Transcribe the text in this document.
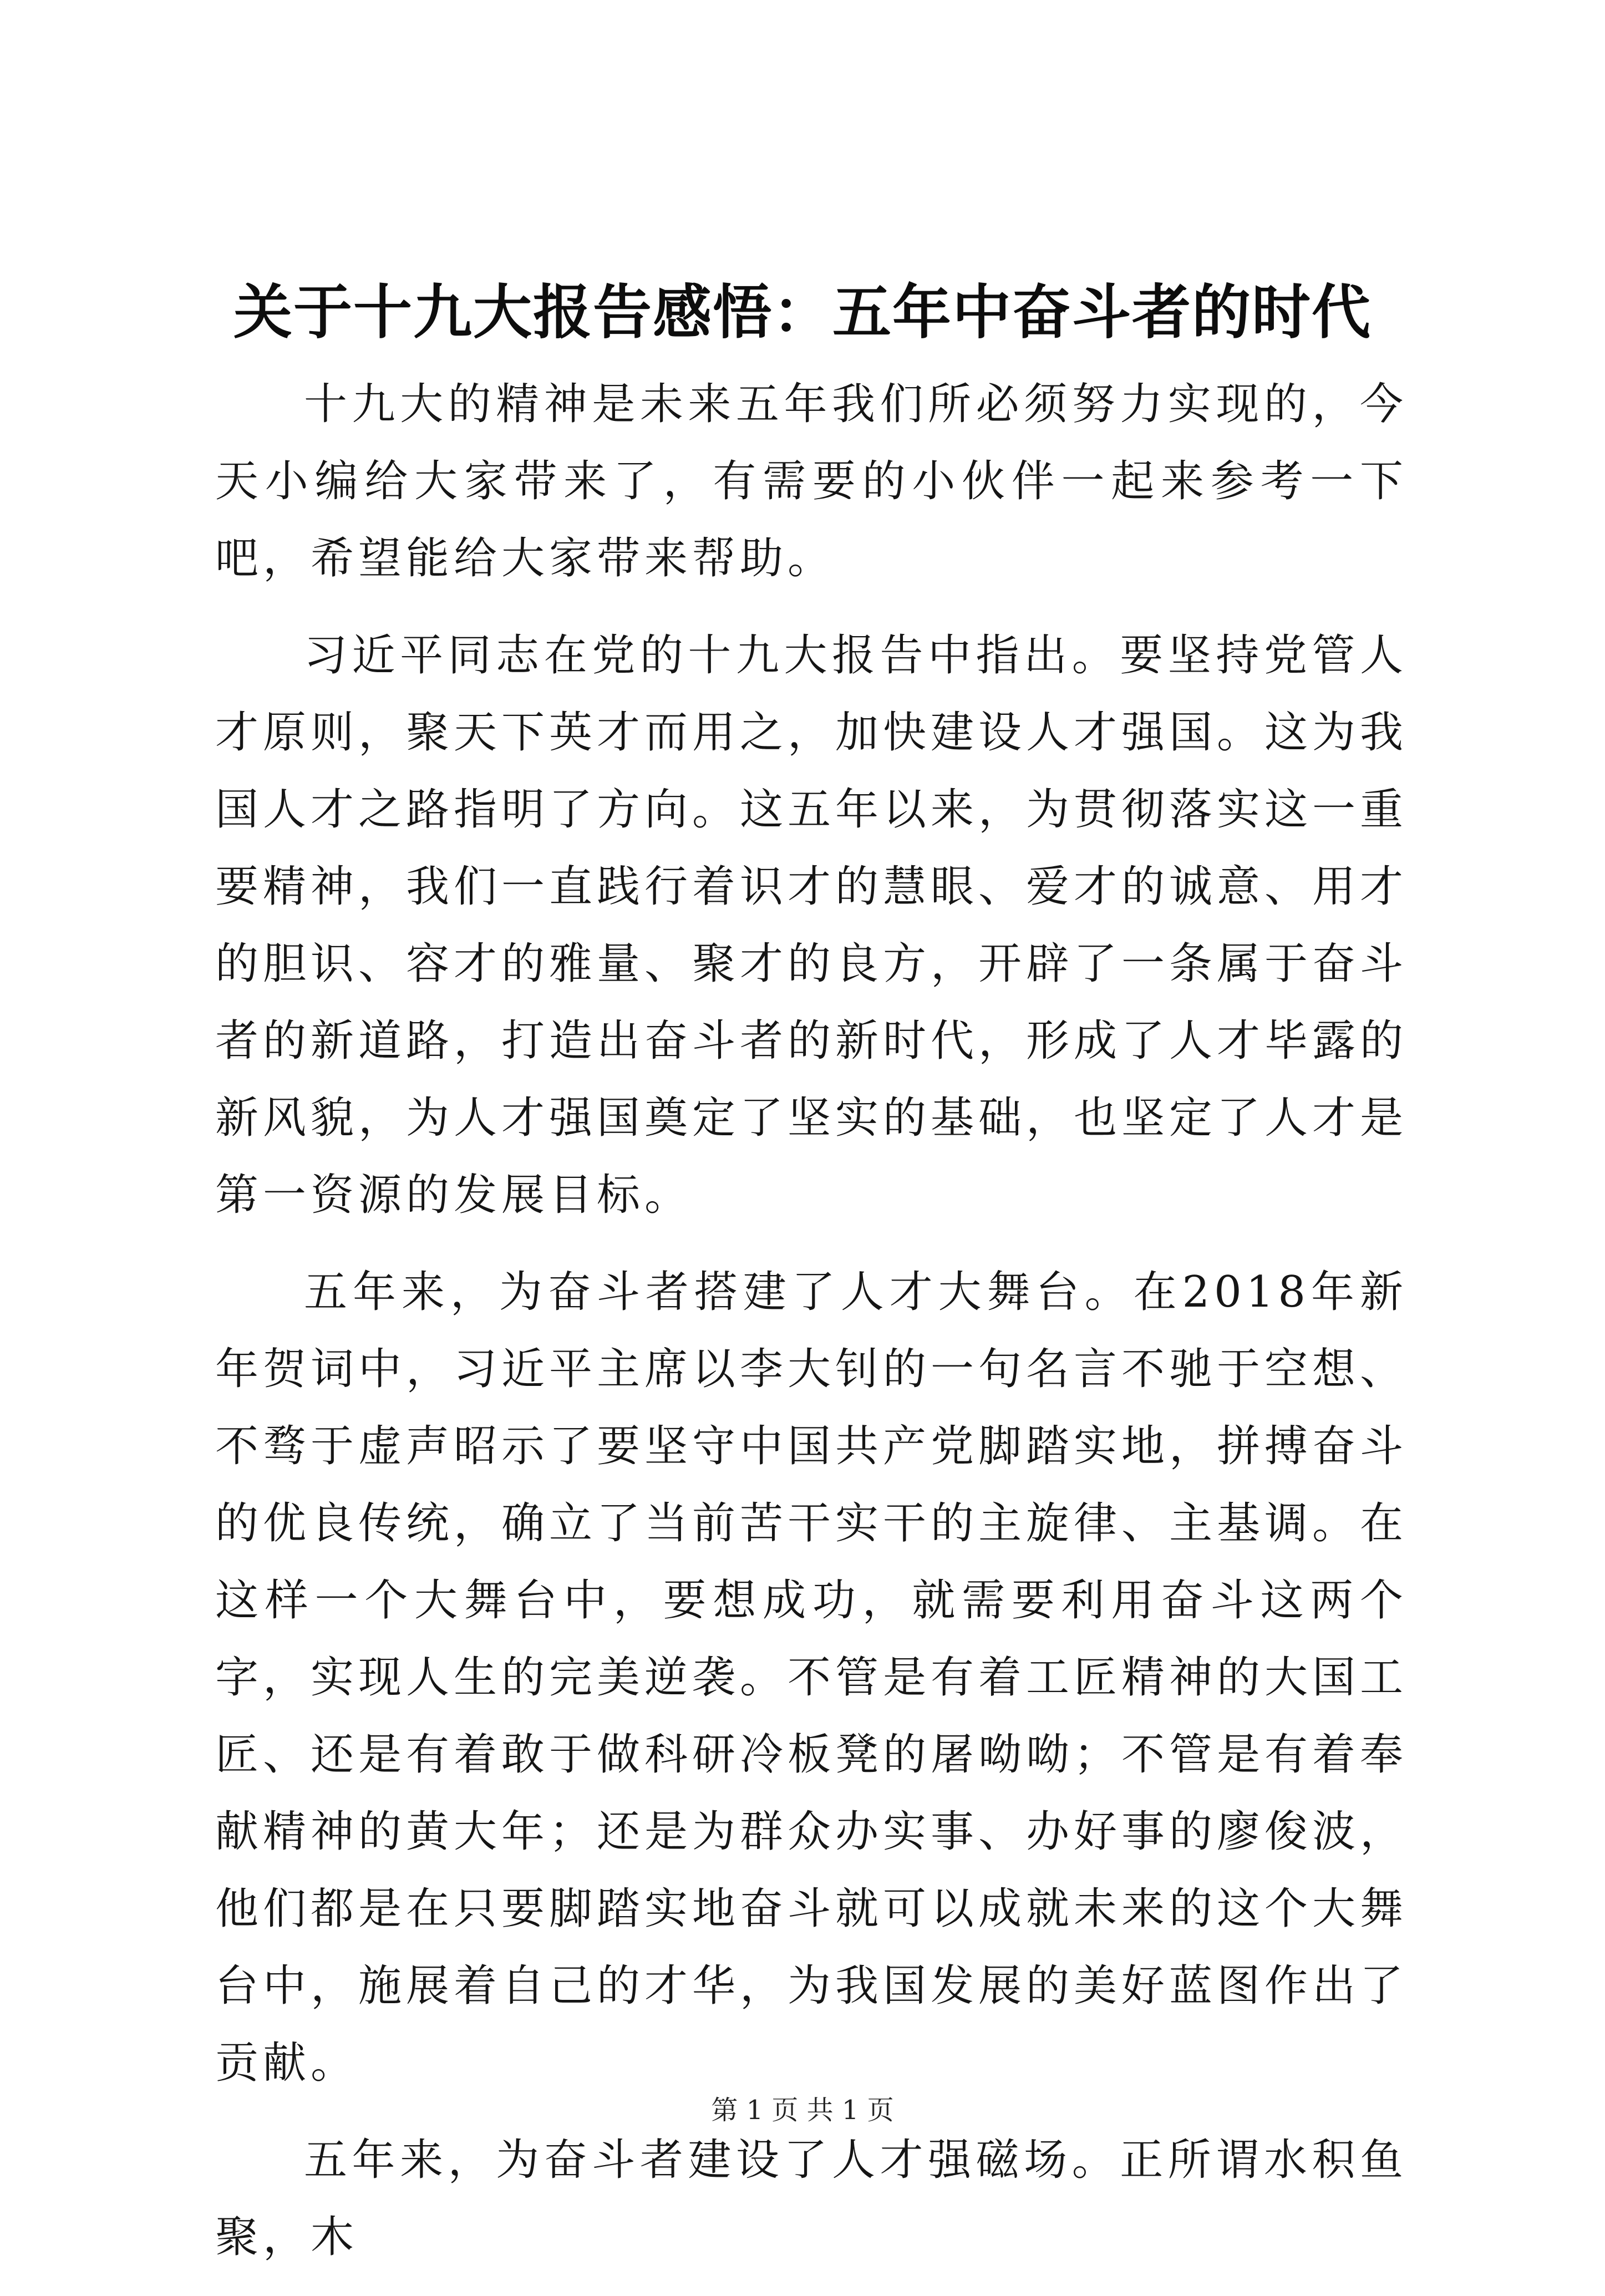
关于十九大报告感悟：五年中奋斗者的时代

十九大的精神是未来五年我们所必须努力实现的，今天小编给大家带来了，有需要的小伙伴一起来参考一下吧，希望能给大家带来帮助。

习近平同志在党的十九大报告中指出。要坚持党管人才原则，聚天下英才而用之，加快建设人才强国。这为我国人才之路指明了方向。这五年以来，为贯彻落实这一重要精神，我们一直践行着识才的慧眼、爱才的诚意、用才的胆识、容才的雅量、聚才的良方，开辟了一条属于奋斗者的新道路，打造出奋斗者的新时代，形成了人才毕露的新风貌，为人才强国奠定了坚实的基础，也坚定了人才是第一资源的发展目标。

五年来，为奋斗者搭建了人才大舞台。在2018年新年贺词中，习近平主席以李大钊的一句名言不驰于空想、不骛于虚声昭示了要坚守中国共产党脚踏实地，拼搏奋斗的优良传统，确立了当前苦干实干的主旋律、主基调。在这样一个大舞台中，要想成功，就需要利用奋斗这两个字，实现人生的完美逆袭。不管是有着工匠精神的大国工匠、还是有着敢于做科研冷板凳的屠呦呦；不管是有着奉献精神的黄大年；还是为群众办实事、办好事的廖俊波，他们都是在只要脚踏实地奋斗就可以成就未来的这个大舞台中，施展着自己的才华，为我国发展的美好蓝图作出了贡献。

五年来，为奋斗者建设了人才强磁场。正所谓水积鱼聚，木

第 1 页 共 1 页
